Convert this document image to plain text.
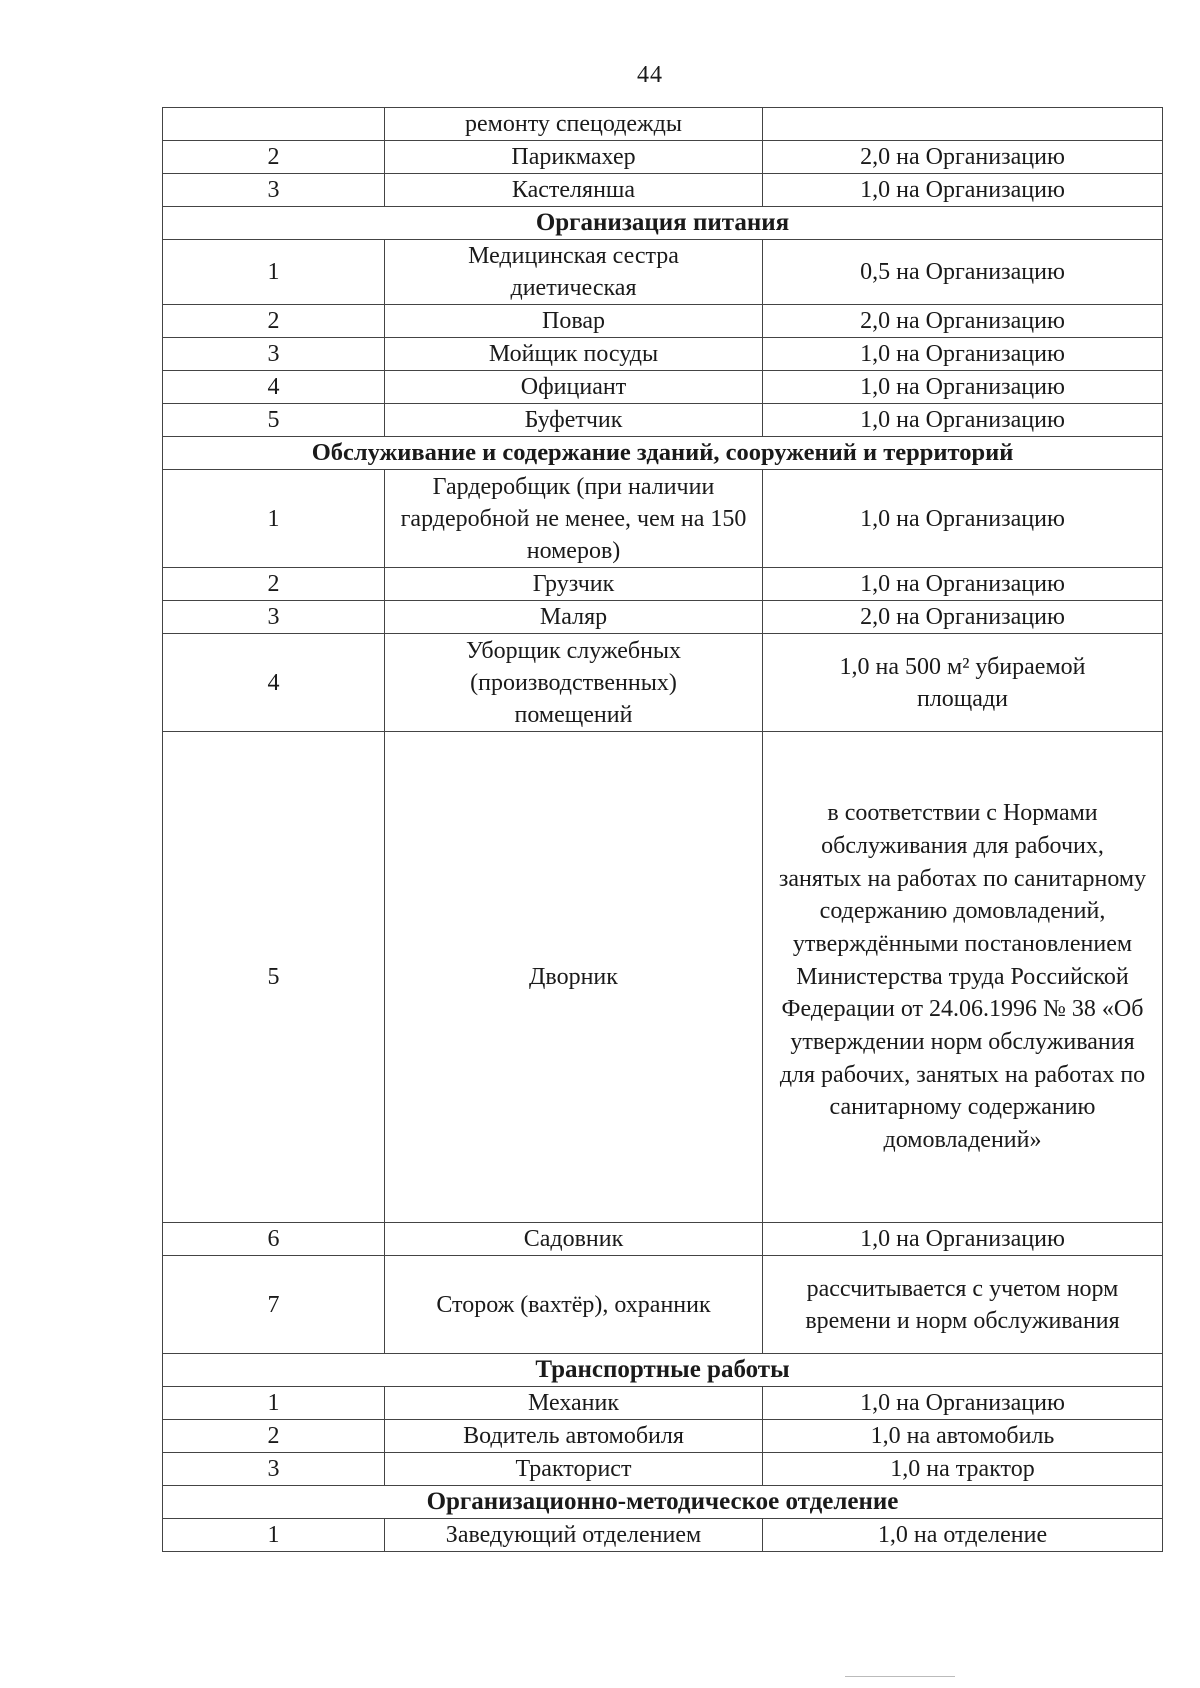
44
	ремонту спецодежды	
2	Парикмахер	2,0 на Организацию
3	Кастелянша	1,0 на Организацию
Организация питания		
1	Медицинская сестра диетическая	0,5 на Организацию
2	Повар	2,0 на Организацию
3	Мойщик посуды	1,0 на Организацию
4	Официант	1,0 на Организацию
5	Буфетчик	1,0 на Организацию
Обслуживание и содержание зданий, сооружений и территорий		
1	Гардеробщик (при наличии гардеробной не менее, чем на 150 номеров)	1,0 на Организацию
2	Грузчик	1,0 на Организацию
3	Маляр	2,0 на Организацию
4	Уборщик служебных (производственных) помещений	1,0 на 500 м² убираемой площади
5	Дворник	в соответствии с Нормами обслуживания для рабочих, занятых на работах по санитарному содержанию домовладений, утверждёнными постановлением Министерства труда Российской Федерации от 24.06.1996 № 38 «Об утверждении норм обслуживания для рабочих, занятых на работах по санитарному содержанию домовладений»
6	Садовник	1,0 на Организацию
7	Сторож (вахтёр), охранник	рассчитывается с учетом норм времени и норм обслуживания
Транспортные работы		
1	Механик	1,0 на Организацию
2	Водитель автомобиля	1,0 на автомобиль
3	Тракторист	1,0 на трактор
Организационно-методическое отделение		
1	Заведующий отделением	1,0 на отделение
